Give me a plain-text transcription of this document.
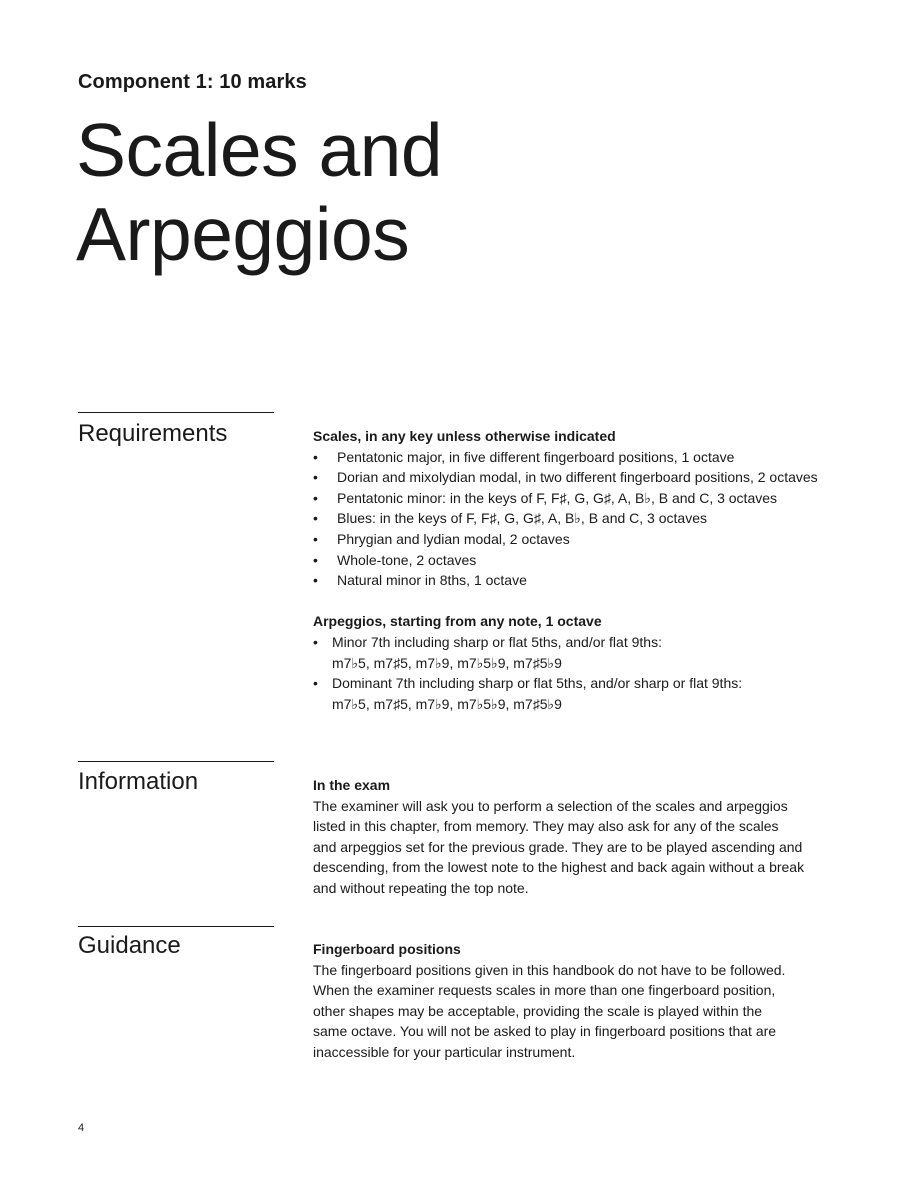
Component 1: 10 marks
Scales and
Arpeggios
Requirements	Scales, in any key unless otherwise indicated
• Pentatonic major, in five different fingerboard positions, 1 octave
• Dorian and mixolydian modal, in two different fingerboard positions, 2 octaves
• Pentatonic minor: in the keys of F, F♯, G, G♯, A, B♭, B and C, 3 octaves
• Blues: in the keys of F, F♯, G, G♯, A, B♭, B and C, 3 octaves
• Phrygian and lydian modal, 2 octaves
• Whole-tone, 2 octaves
• Natural minor in 8ths, 1 octave
Arpeggios, starting from any note, 1 octave
• Minor 7th including sharp or flat 5ths, and/or flat 9ths:
m7♭5, m7♯5, m7♭9, m7♭5♭9, m7♯5♭9
• Dominant 7th including sharp or flat 5ths, and/or sharp or flat 9ths:
m7♭5, m7♯5, m7♭9, m7♭5♭9, m7♯5♭9
Information	In the exam

The examiner will ask you to perform a selection of the scales and arpeggios
listed in this chapter, from memory. They may also ask for any of the scales
and arpeggios set for the previous grade. They are to be played ascending and
descending, from the lowest note to the highest and back again without a break
and without repeating the top note.

Guidance	Fingerboard positions

The fingerboard positions given in this handbook do not have to be followed.
When the examiner requests scales in more than one fingerboard position,
other shapes may be acceptable, providing the scale is played within the
same octave. You will not be asked to play in fingerboard positions that are
inaccessible for your particular instrument.

4
